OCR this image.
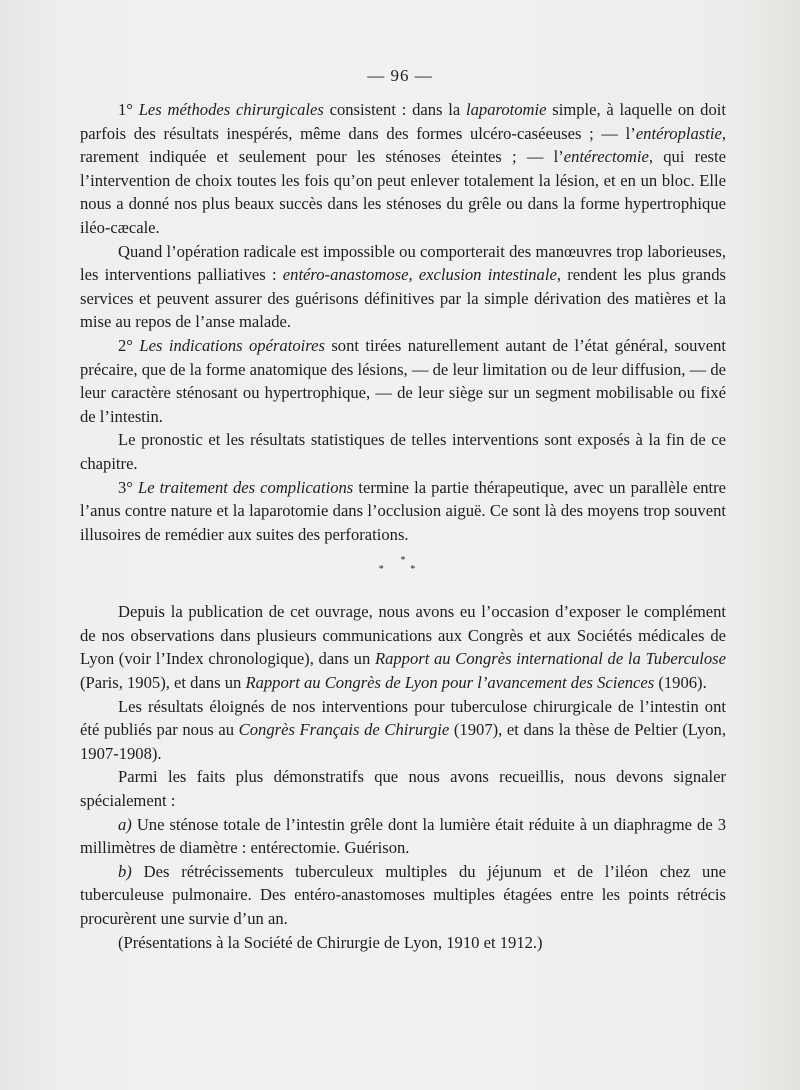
— 96 —

1° Les méthodes chirurgicales consistent : dans la laparotomie simple, à laquelle on doit parfois des résultats inespérés, même dans des formes ulcéro-caséeuses ; — l’entéroplastie, rarement indiquée et seulement pour les sténoses éteintes ; — l’entérectomie, qui reste l’intervention de choix toutes les fois qu’on peut enlever totalement la lésion, et en un bloc. Elle nous a donné nos plus beaux succès dans les sténoses du grêle ou dans la forme hypertrophique iléo-cæcale.

Quand l’opération radicale est impossible ou comporterait des manœuvres trop laborieuses, les interventions palliatives : entéro-anastomose, exclusion intestinale, rendent les plus grands services et peuvent assurer des guérisons définitives par la simple dérivation des matières et la mise au repos de l’anse malade.

2° Les indications opératoires sont tirées naturellement autant de l’état général, souvent précaire, que de la forme anatomique des lésions, — de leur limitation ou de leur diffusion, — de leur caractère sténosant ou hypertrophique, — de leur siège sur un segment mobilisable ou fixé de l’intestin.

Le pronostic et les résultats statistiques de telles interventions sont exposés à la fin de ce chapitre.

3° Le traitement des complications termine la partie thérapeutique, avec un parallèle entre l’anus contre nature et la laparotomie dans l’occlusion aiguë. Ce sont là des moyens trop souvent illusoires de remédier aux suites des perforations.

*
* *

Depuis la publication de cet ouvrage, nous avons eu l’occasion d’exposer le complément de nos observations dans plusieurs communications aux Congrès et aux Sociétés médicales de Lyon (voir l’Index chronologique), dans un Rapport au Congrès international de la Tuberculose (Paris, 1905), et dans un Rapport au Congrès de Lyon pour l’avancement des Sciences (1906).

Les résultats éloignés de nos interventions pour tuberculose chirurgicale de l’intestin ont été publiés par nous au Congrès Français de Chirurgie (1907), et dans la thèse de Peltier (Lyon, 1907-1908).

Parmi les faits plus démonstratifs que nous avons recueillis, nous devons signaler spécialement :

a) Une sténose totale de l’intestin grêle dont la lumière était réduite à un diaphragme de 3 millimètres de diamètre : entérectomie. Guérison.

b) Des rétrécissements tuberculeux multiples du jéjunum et de l’iléon chez une tuberculeuse pulmonaire. Des entéro-anastomoses multiples étagées entre les points rétrécis procurèrent une survie d’un an.

(Présentations à la Société de Chirurgie de Lyon, 1910 et 1912.)
